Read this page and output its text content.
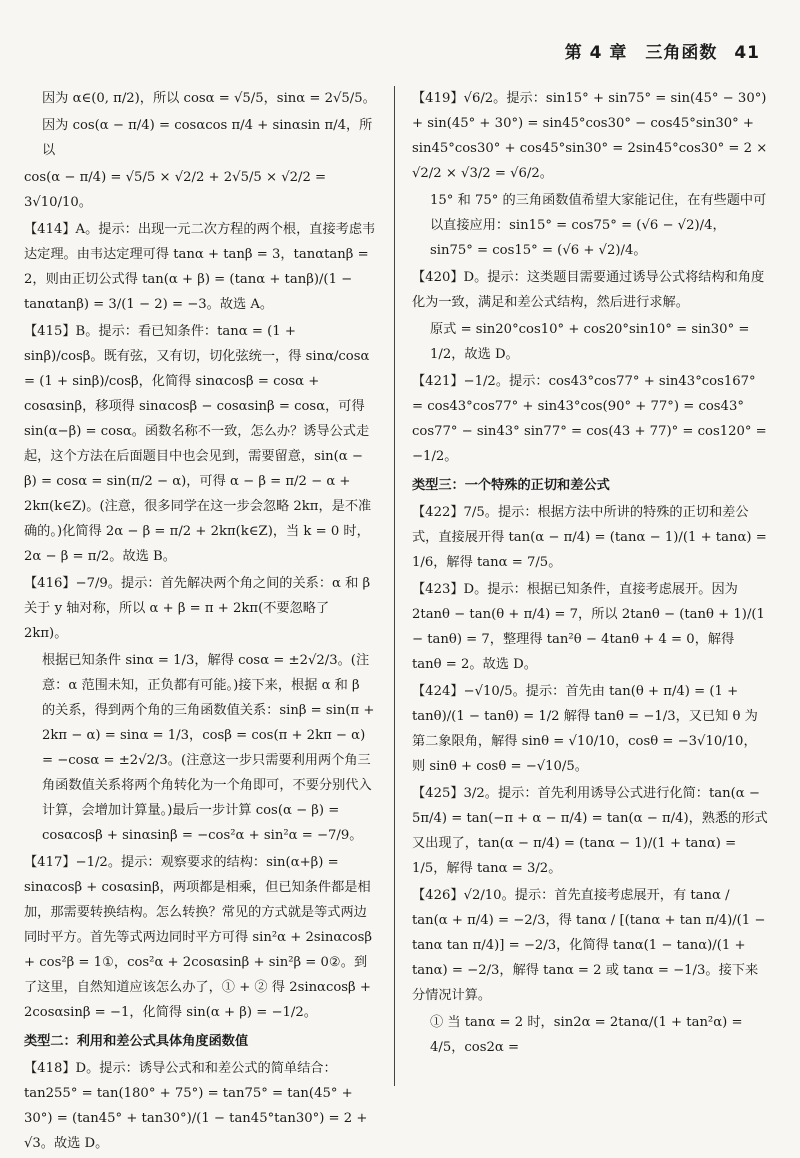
第 4 章　三角函数 41
因为 α∈(0, π/2)，所以 cosα = √5/5，sinα = 2√5/5。
因为 cos(α − π/4) = cosαcos π/4 + sinαsin π/4，所以
cos(α − π/4) = √5/5 × √2/2 + 2√5/5 × √2/2 = 3√10/10。
【414】A。提示：出现一元二次方程的两个根，直接考虑韦达定理。由韦达定理可得 tanα + tanβ = 3，tanαtanβ = 2，则由正切公式得 tan(α + β) = (tanα + tanβ)/(1 − tanαtanβ) = 3/(1 − 2) = −3。故选 A。
【415】B。提示：看已知条件：tanα = (1 + sinβ)/cosβ。既有弦，又有切，切化弦统一，得 sinα/cosα = (1 + sinβ)/cosβ，化简得 sinαcosβ = cosα + cosαsinβ，移项得 sinαcosβ − cosαsinβ = cosα，可得 sin(α−β) = cosα。函数名称不一致，怎么办？诱导公式走起，这个方法在后面题目中也会见到，需要留意，sin(α − β) = cosα = sin(π/2 − α)，可得 α − β = π/2 − α + 2kπ(k∈Z)。(注意，很多同学在这一步会忽略 2kπ，是不准确的。)化简得 2α − β = π/2 + 2kπ(k∈Z)，当 k = 0 时，2α − β = π/2。故选 B。
【416】−7/9。提示：首先解决两个角之间的关系：α 和 β 关于 y 轴对称，所以 α + β = π + 2kπ(不要忽略了 2kπ)。
根据已知条件 sinα = 1/3，解得 cosα = ±2√2/3。(注意：α 范围未知，正负都有可能。)接下来，根据 α 和 β 的关系，得到两个角的三角函数值关系：sinβ = sin(π + 2kπ − α) = sinα = 1/3，cosβ = cos(π + 2kπ − α) = −cosα = ±2√2/3。(注意这一步只需要利用两个角三角函数值关系将两个角转化为一个角即可，不要分别代入计算，会增加计算量。)最后一步计算 cos(α − β) = cosαcosβ + sinαsinβ = −cos²α + sin²α = −7/9。
【417】−1/2。提示：观察要求的结构：sin(α+β) = sinαcosβ + cosαsinβ，两项都是相乘，但已知条件都是相加，那需要转换结构。怎么转换？常见的方式就是等式两边同时平方。首先等式两边同时平方可得 sin²α + 2sinαcosβ + cos²β = 1①，cos²α + 2cosαsinβ + sin²β = 0②。到了这里，自然知道应该怎么办了，① + ② 得 2sinαcosβ + 2cosαsinβ = −1，化简得 sin(α + β) = −1/2。
类型二：利用和差公式具体角度函数值
【418】D。提示：诱导公式和和差公式的简单结合：tan255° = tan(180° + 75°) = tan75° = tan(45° + 30°) = (tan45° + tan30°)/(1 − tan45°tan30°) = 2 + √3。故选 D。
【419】√6/2。提示：sin15° + sin75° = sin(45° − 30°) + sin(45° + 30°) = sin45°cos30° − cos45°sin30° + sin45°cos30° + cos45°sin30° = 2sin45°cos30° = 2 × √2/2 × √3/2 = √6/2。
15° 和 75° 的三角函数值希望大家能记住，在有些题中可以直接应用：sin15° = cos75° = (√6 − √2)/4，sin75° = cos15° = (√6 + √2)/4。
【420】D。提示：这类题目需要通过诱导公式将结构和角度化为一致，满足和差公式结构，然后进行求解。
原式 = sin20°cos10° + cos20°sin10° = sin30° = 1/2，故选 D。
【421】−1/2。提示：cos43°cos77° + sin43°cos167° = cos43°cos77° + sin43°cos(90° + 77°) = cos43° cos77° − sin43° sin77° = cos(43 + 77)° = cos120° = −1/2。
类型三：一个特殊的正切和差公式
【422】7/5。提示：根据方法中所讲的特殊的正切和差公式，直接展开得 tan(α − π/4) = (tanα − 1)/(1 + tanα) = 1/6，解得 tanα = 7/5。
【423】D。提示：根据已知条件，直接考虑展开。因为 2tanθ − tan(θ + π/4) = 7，所以 2tanθ − (tanθ + 1)/(1 − tanθ) = 7，整理得 tan²θ − 4tanθ + 4 = 0，解得 tanθ = 2。故选 D。
【424】−√10/5。提示：首先由 tan(θ + π/4) = (1 + tanθ)/(1 − tanθ) = 1/2 解得 tanθ = −1/3，又已知 θ 为第二象限角，解得 sinθ = √10/10，cosθ = −3√10/10，则 sinθ + cosθ = −√10/5。
【425】3/2。提示：首先利用诱导公式进行化简：tan(α − 5π/4) = tan(−π + α − π/4) = tan(α − π/4)，熟悉的形式又出现了，tan(α − π/4) = (tanα − 1)/(1 + tanα) = 1/5，解得 tanα = 3/2。
【426】√2/10。提示：首先直接考虑展开，有 tanα / tan(α + π/4) = −2/3，得 tanα / [(tanα + tan π/4)/(1 − tanα tan π/4)] = −2/3，化简得 tanα(1 − tanα)/(1 + tanα) = −2/3，解得 tanα = 2 或 tanα = −1/3。接下来分情况计算。
① 当 tanα = 2 时，sin2α = 2tanα/(1 + tan²α) = 4/5，cos2α =
